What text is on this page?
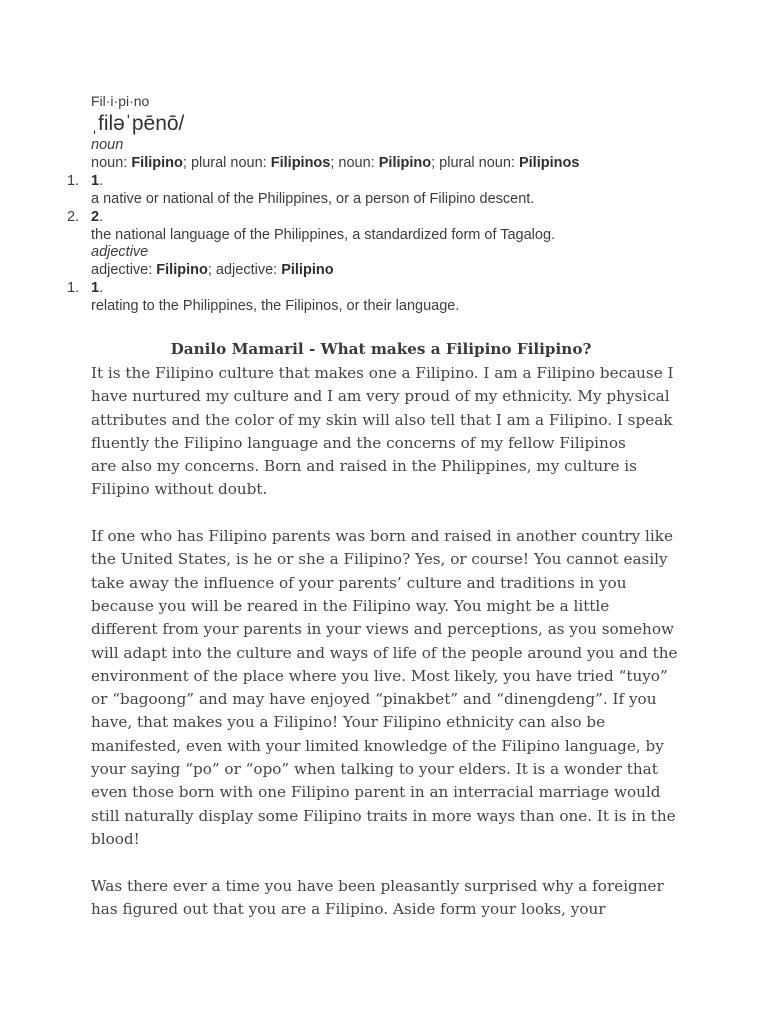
Fil·i·pi·no
ˌfiləˈpēnō/
noun
noun: Filipino; plural noun: Filipinos; noun: Pilipino; plural noun: Pilipinos
1. 1.
a native or national of the Philippines, or a person of Filipino descent.
2. 2.
the national language of the Philippines, a standardized form of Tagalog.
adjective
adjective: Filipino; adjective: Pilipino
1. 1.
relating to the Philippines, the Filipinos, or their language.
Danilo Mamaril - What makes a Filipino Filipino?

It is the Filipino culture that makes one a Filipino. I am a Filipino because I
have nurtured my culture and I am very proud of my ethnicity. My physical
attributes and the color of my skin will also tell that I am a Filipino. I speak
fluently the Filipino language and the concerns of my fellow Filipinos
are also my concerns. Born and raised in the Philippines, my culture is
Filipino without doubt.

If one who has Filipino parents was born and raised in another country like
the United States, is he or she a Filipino? Yes, or course! You cannot easily
take away the influence of your parents’ culture and traditions in you
because you will be reared in the Filipino way. You might be a little
different from your parents in your views and perceptions, as you somehow
will adapt into the culture and ways of life of the people around you and the
environment of the place where you live. Most likely, you have tried “tuyo”
or “bagoong” and may have enjoyed “pinakbet” and “dinengdeng”. If you
have, that makes you a Filipino! Your Filipino ethnicity can also be
manifested, even with your limited knowledge of the Filipino language, by
your saying “po” or “opo” when talking to your elders. It is a wonder that
even those born with one Filipino parent in an interracial marriage would
still naturally display some Filipino traits in more ways than one. It is in the
blood!

Was there ever a time you have been pleasantly surprised why a foreigner
has figured out that you are a Filipino. Aside form your looks, your
